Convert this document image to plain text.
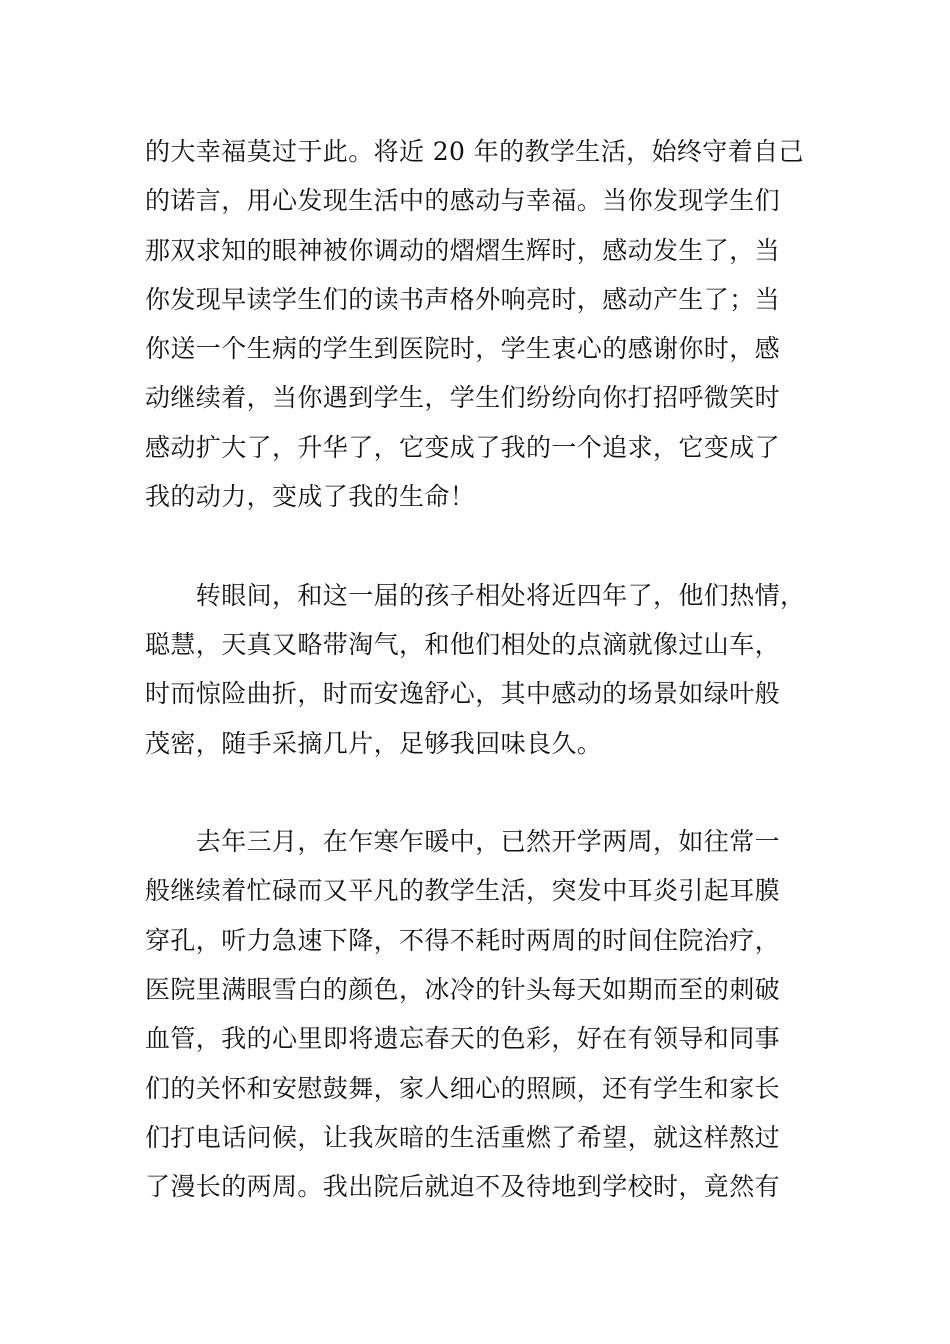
的大幸福莫过于此。将近 20 年的教学生活，始终守着自己
的诺言，用心发现生活中的感动与幸福。当你发现学生们
那双求知的眼神被你调动的熠熠生辉时，感动发生了，当
你发现早读学生们的读书声格外响亮时，感动产生了；当
你送一个生病的学生到医院时，学生衷心的感谢你时，感
动继续着，当你遇到学生，学生们纷纷向你打招呼微笑时
感动扩大了，升华了，它变成了我的一个追求，它变成了
我的动力，变成了我的生命！
　　转眼间，和这一届的孩子相处将近四年了，他们热情，
聪慧，天真又略带淘气，和他们相处的点滴就像过山车，
时而惊险曲折，时而安逸舒心，其中感动的场景如绿叶般
茂密，随手采摘几片，足够我回味良久。
　　去年三月，在乍寒乍暖中，已然开学两周，如往常一
般继续着忙碌而又平凡的教学生活，突发中耳炎引起耳膜
穿孔，听力急速下降，不得不耗时两周的时间住院治疗，
医院里满眼雪白的颜色，冰冷的针头每天如期而至的刺破
血管，我的心里即将遗忘春天的色彩，好在有领导和同事
们的关怀和安慰鼓舞，家人细心的照顾，还有学生和家长
们打电话问候，让我灰暗的生活重燃了希望，就这样熬过
了漫长的两周。我出院后就迫不及待地到学校时，竟然有
